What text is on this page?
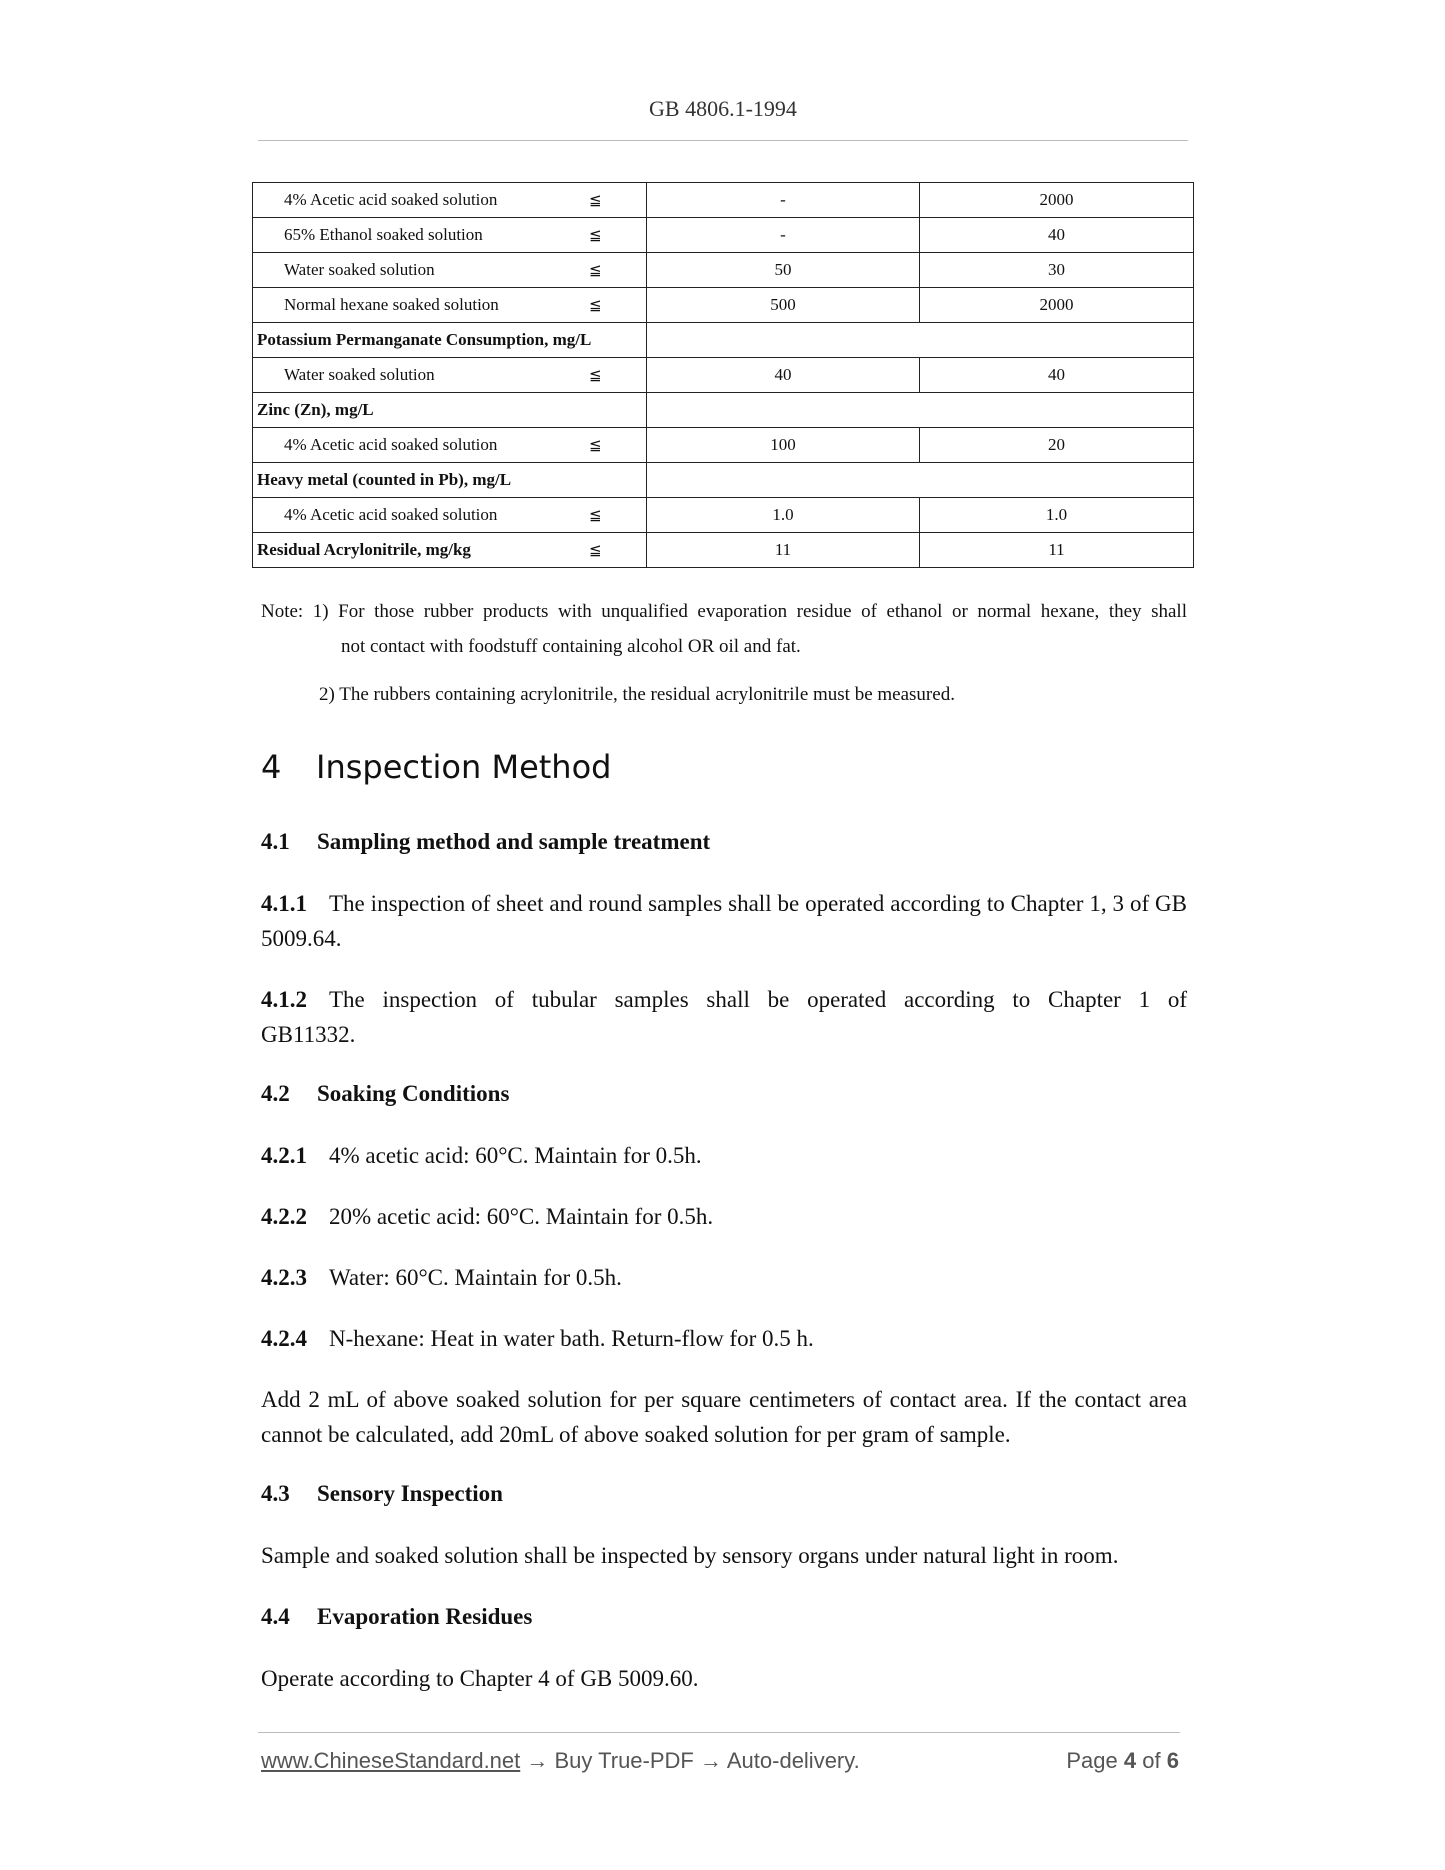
GB 4806.1-1994
4% Acetic acid soaked solution ≦	-	2000
65% Ethanol soaked solution ≦	-	40
Water soaked solution ≦	50	30
Normal hexane soaked solution ≦	500	2000
Potassium Permanganate Consumption, mg/L		
Water soaked solution ≦	40	40
Zinc (Zn), mg/L		
4% Acetic acid soaked solution ≦	100	20
Heavy metal (counted in Pb), mg/L		
4% Acetic acid soaked solution ≦	1.0	1.0
Residual Acrylonitrile, mg/kg ≦	11	11
Note: 1) For those rubber products with unqualified evaporation residue of ethanol or normal hexane, they shall
not contact with foodstuff containing alcohol OR oil and fat.
2) The rubbers containing acrylonitrile, the residual acrylonitrile must be measured.
4 Inspection Method
4.1 Sampling method and sample treatment
4.1.1 The inspection of sheet and round samples shall be operated according to Chapter 1, 3 of GB 5009.64.
4.1.2 The inspection of tubular samples shall be operated according to Chapter 1 of GB11332.
4.2 Soaking Conditions
4.2.1 4% acetic acid: 60°C. Maintain for 0.5h.
4.2.2 20% acetic acid: 60°C. Maintain for 0.5h.
4.2.3 Water: 60°C. Maintain for 0.5h.
4.2.4 N-hexane: Heat in water bath. Return-flow for 0.5 h.
Add 2 mL of above soaked solution for per square centimeters of contact area. If the contact area cannot be calculated, add 20mL of above soaked solution for per gram of sample.
4.3 Sensory Inspection
Sample and soaked solution shall be inspected by sensory organs under natural light in room.
4.4 Evaporation Residues
Operate according to Chapter 4 of GB 5009.60.
www.ChineseStandard.net → Buy True-PDF → Auto-delivery.	Page 4 of 6
